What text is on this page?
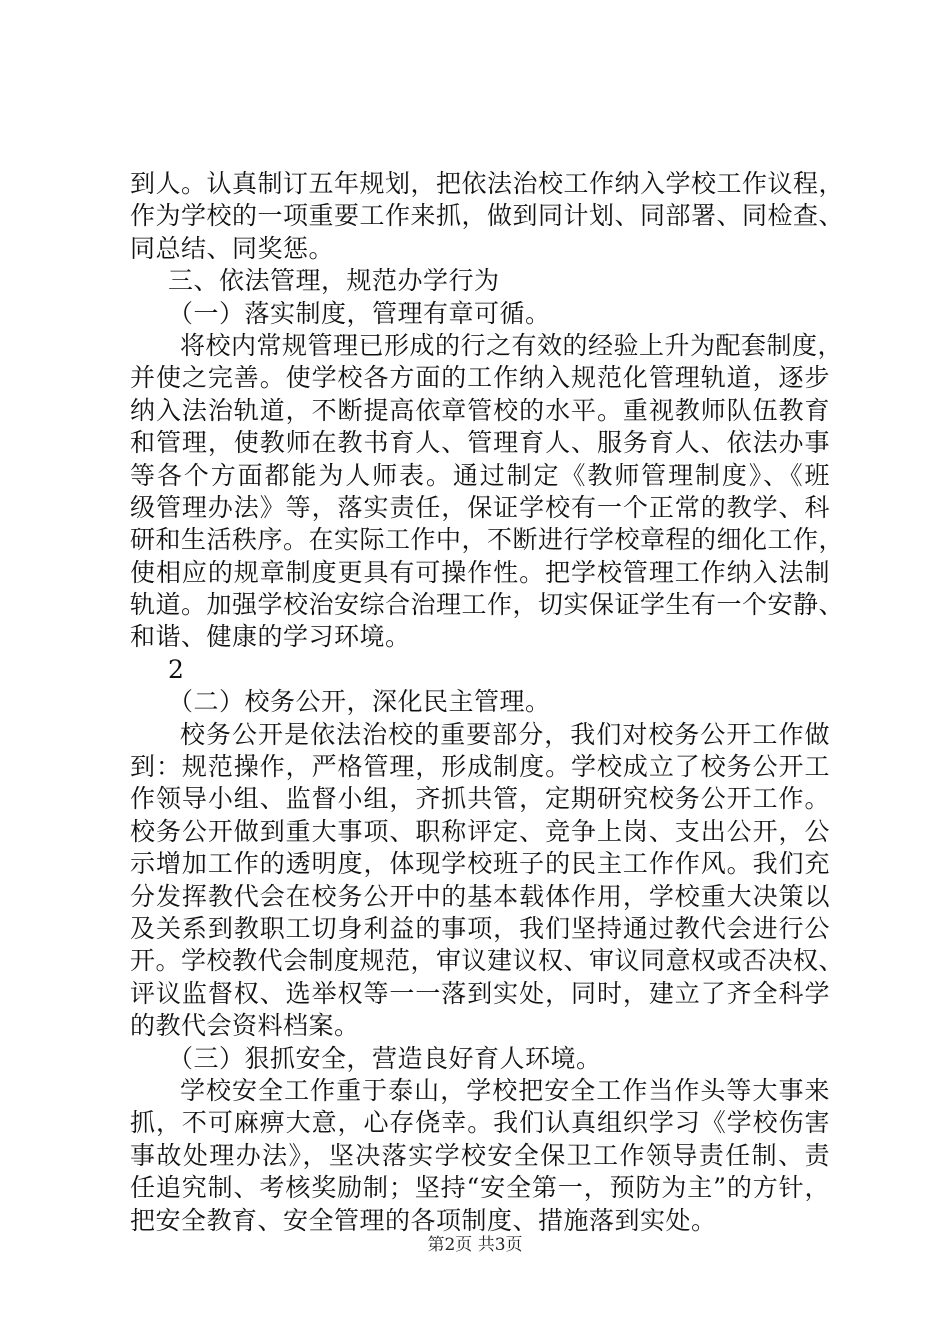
到人。认真制订五年规划，把依法治校工作纳入学校工作议程，
作为学校的一项重要工作来抓，做到同计划、同部署、同检查、
同总结、同奖惩。
三、依法管理，规范办学行为
（一）落实制度，管理有章可循。
将校内常规管理已形成的行之有效的经验上升为配套制度，
并使之完善。使学校各方面的工作纳入规范化管理轨道，逐步
纳入法治轨道，不断提高依章管校的水平。重视教师队伍教育
和管理，使教师在教书育人、管理育人、服务育人、依法办事
等各个方面都能为人师表。通过制定《教师管理制度》、《班
级管理办法》等，落实责任，保证学校有一个正常的教学、科
研和生活秩序。在实际工作中，不断进行学校章程的细化工作，
使相应的规章制度更具有可操作性。把学校管理工作纳入法制
轨道。加强学校治安综合治理工作，切实保证学生有一个安静、
和谐、健康的学习环境。
2
（二）校务公开，深化民主管理。
校务公开是依法治校的重要部分，我们对校务公开工作做
到：规范操作，严格管理，形成制度。学校成立了校务公开工
作领导小组、监督小组，齐抓共管，定期研究校务公开工作。
校务公开做到重大事项、职称评定、竞争上岗、支出公开，公
示增加工作的透明度，体现学校班子的民主工作作风。我们充
分发挥教代会在校务公开中的基本载体作用，学校重大决策以
及关系到教职工切身利益的事项，我们坚持通过教代会进行公
开。学校教代会制度规范，审议建议权、审议同意权或否决权、
评议监督权、选举权等一一落到实处，同时，建立了齐全科学
的教代会资料档案。
（三）狠抓安全，营造良好育人环境。
学校安全工作重于泰山，学校把安全工作当作头等大事来
抓，不可麻痹大意，心存侥幸。我们认真组织学习《学校伤害
事故处理办法》，坚决落实学校安全保卫工作领导责任制、责
任追究制、考核奖励制；坚持“安全第一，预防为主”的方针，
把安全教育、安全管理的各项制度、措施落到实处。
第2页 共3页
